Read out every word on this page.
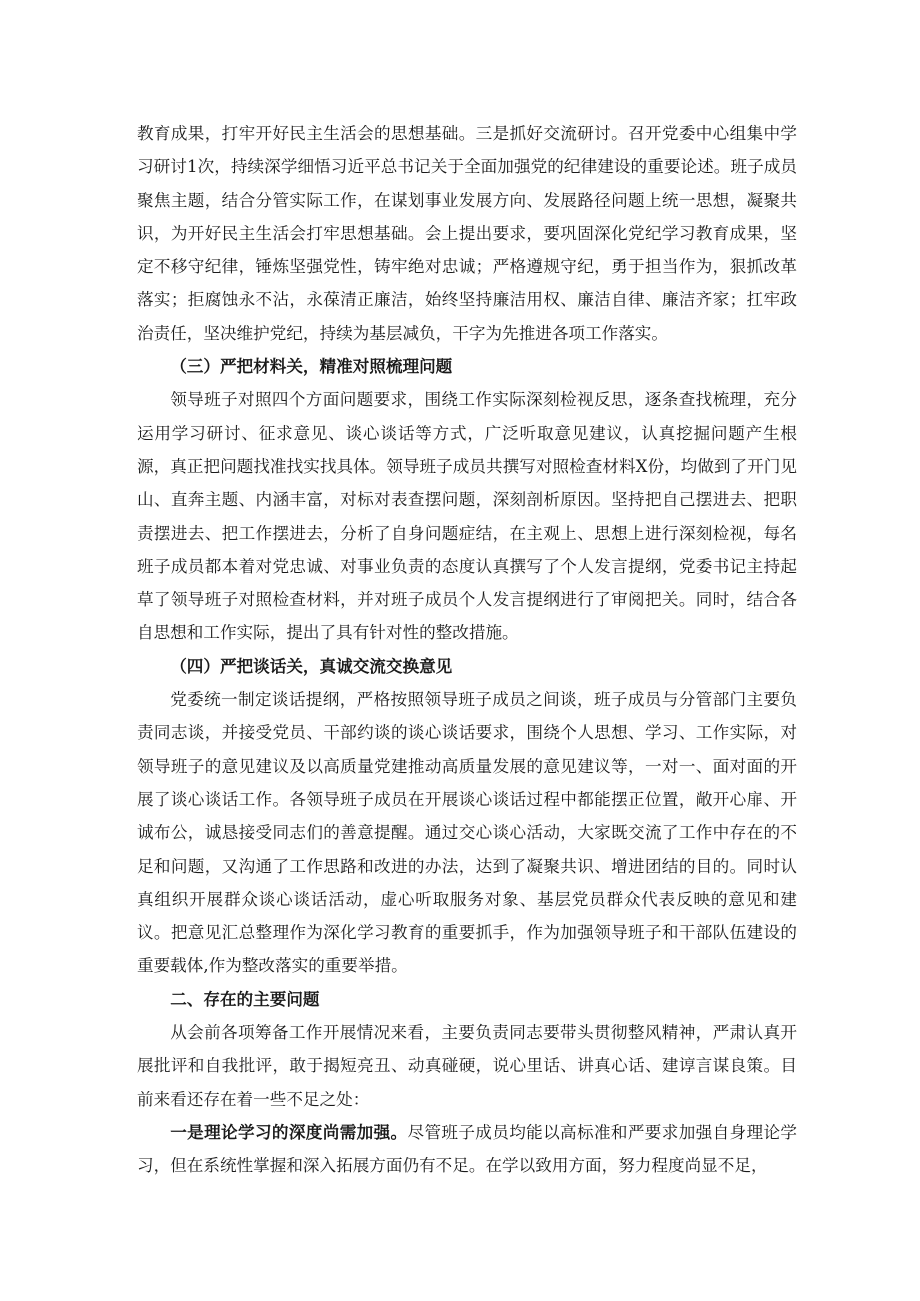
教育成果，打牢开好民主生活会的思想基础。三是抓好交流研讨。召开党委中心组集中学习研讨1次，持续深学细悟习近平总书记关于全面加强党的纪律建设的重要论述。班子成员聚焦主题，结合分管实际工作，在谋划事业发展方向、发展路径问题上统一思想，凝聚共识，为开好民主生活会打牢思想基础。会上提出要求，要巩固深化党纪学习教育成果，坚定不移守纪律，锤炼坚强党性，铸牢绝对忠诚；严格遵规守纪，勇于担当作为，狠抓改革落实；拒腐蚀永不沾，永葆清正廉洁，始终坚持廉洁用权、廉洁自律、廉洁齐家；扛牢政治责任，坚决维护党纪，持续为基层减负，干字为先推进各项工作落实。

（三）严把材料关，精准对照梳理问题

领导班子对照四个方面问题要求，围绕工作实际深刻检视反思，逐条查找梳理，充分运用学习研讨、征求意见、谈心谈话等方式，广泛听取意见建议，认真挖掘问题产生根源，真正把问题找准找实找具体。领导班子成员共撰写对照检查材料X份，均做到了开门见山、直奔主题、内涵丰富，对标对表查摆问题，深刻剖析原因。坚持把自己摆进去、把职责摆进去、把工作摆进去，分析了自身问题症结，在主观上、思想上进行深刻检视，每名班子成员都本着对党忠诚、对事业负责的态度认真撰写了个人发言提纲，党委书记主持起草了领导班子对照检查材料，并对班子成员个人发言提纲进行了审阅把关。同时，结合各自思想和工作实际，提出了具有针对性的整改措施。

（四）严把谈话关，真诚交流交换意见

党委统一制定谈话提纲，严格按照领导班子成员之间谈，班子成员与分管部门主要负责同志谈，并接受党员、干部约谈的谈心谈话要求，围绕个人思想、学习、工作实际，对领导班子的意见建议及以高质量党建推动高质量发展的意见建议等，一对一、面对面的开展了谈心谈话工作。各领导班子成员在开展谈心谈话过程中都能摆正位置，敞开心扉、开诚布公，诚恳接受同志们的善意提醒。通过交心谈心活动，大家既交流了工作中存在的不足和问题，又沟通了工作思路和改进的办法，达到了凝聚共识、增进团结的目的。同时认真组织开展群众谈心谈话活动，虚心听取服务对象、基层党员群众代表反映的意见和建议。把意见汇总整理作为深化学习教育的重要抓手，作为加强领导班子和干部队伍建设的重要载体,作为整改落实的重要举措。

二、存在的主要问题

从会前各项筹备工作开展情况来看，主要负责同志要带头贯彻整风精神，严肃认真开展批评和自我批评，敢于揭短亮丑、动真碰硬，说心里话、讲真心话、建谆言谋良策。目前来看还存在着一些不足之处：

一是理论学习的深度尚需加强。尽管班子成员均能以高标准和严要求加强自身理论学习，但在系统性掌握和深入拓展方面仍有不足。在学以致用方面，努力程度尚显不足，
